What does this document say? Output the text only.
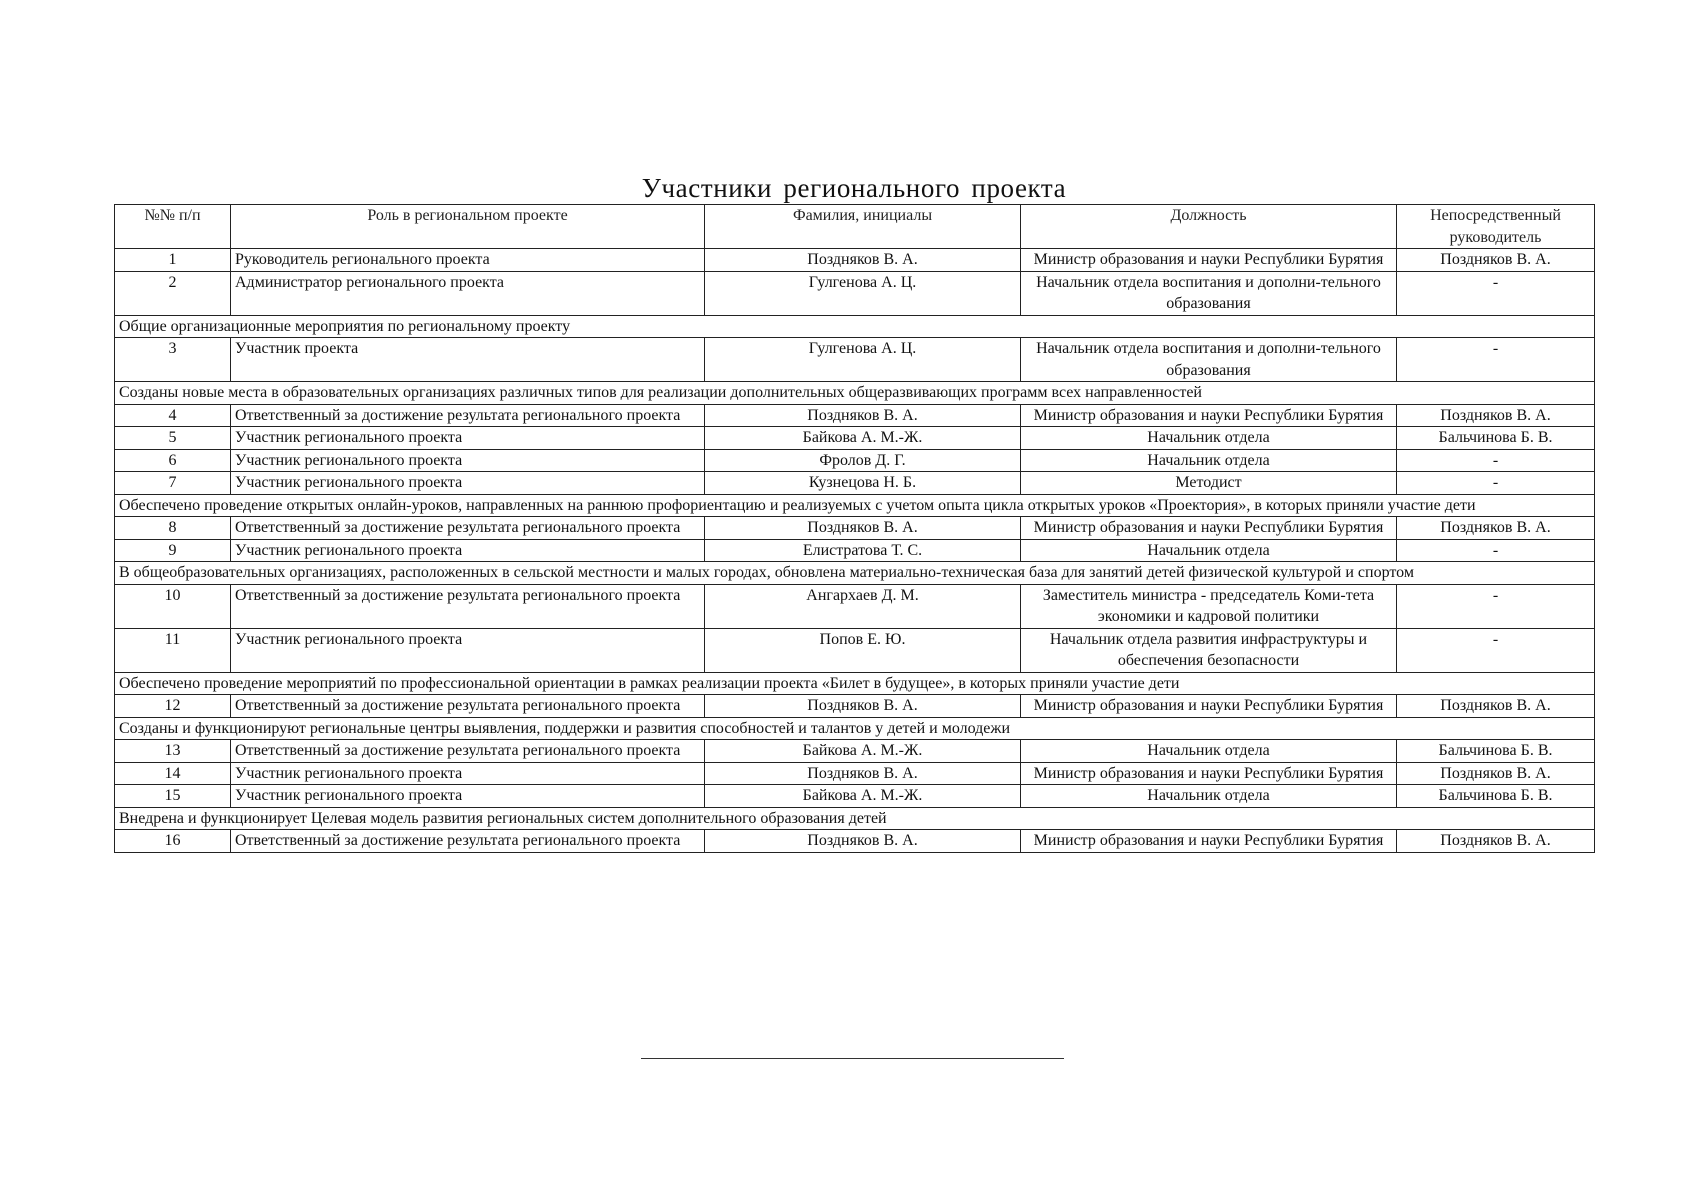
Участники регионального проекта
№№ п/п	Роль в региональном проекте	Фамилия, инициалы	Должность	Непосредственный руководитель
1	Руководитель регионального проекта	Поздняков В. А.	Министр образования и науки Республики Бурятия	Поздняков В. А.
2	Администратор регионального проекта	Гулгенова А. Ц.	Начальник отдела воспитания и дополни-тельного образования	-
Общие организационные мероприятия по региональному проекту				
3	Участник проекта	Гулгенова А. Ц.	Начальник отдела воспитания и дополни-тельного образования	-
Созданы новые места в образовательных организациях различных типов для реализации дополнительных общеразвивающих программ всех направленностей				
4	Ответственный за достижение результата регионального проекта	Поздняков В. А.	Министр образования и науки Республики Бурятия	Поздняков В. А.
5	Участник регионального проекта	Байкова А. М.-Ж.	Начальник отдела	Бальчинова Б. В.
6	Участник регионального проекта	Фролов Д. Г.	Начальник отдела	-
7	Участник регионального проекта	Кузнецова Н. Б.	Методист	-
Обеспечено проведение открытых онлайн-уроков, направленных на раннюю профориентацию и реализуемых с учетом опыта цикла открытых уроков «Проектория», в которых приняли участие дети				
8	Ответственный за достижение результата регионального проекта	Поздняков В. А.	Министр образования и науки Республики Бурятия	Поздняков В. А.
9	Участник регионального проекта	Елистратова Т. С.	Начальник отдела	-
В общеобразовательных организациях, расположенных в сельской местности и малых городах, обновлена материально-техническая база для занятий детей физической культурой и спортом				
10	Ответственный за достижение результата регионального проекта	Ангархаев Д. М.	Заместитель министра - председатель Коми-тета экономики и кадровой политики	-
11	Участник регионального проекта	Попов Е. Ю.	Начальник отдела развития инфраструктуры и обеспечения безопасности	-
Обеспечено проведение мероприятий по профессиональной ориентации в рамках реализации проекта «Билет в будущее», в которых приняли участие дети				
12	Ответственный за достижение результата регионального проекта	Поздняков В. А.	Министр образования и науки Республики Бурятия	Поздняков В. А.
Созданы и функционируют региональные центры выявления, поддержки и развития способностей и талантов у детей и молодежи				
13	Ответственный за достижение результата регионального проекта	Байкова А. М.-Ж.	Начальник отдела	Бальчинова Б. В.
14	Участник регионального проекта	Поздняков В. А.	Министр образования и науки Республики Бурятия	Поздняков В. А.
15	Участник регионального проекта	Байкова А. М.-Ж.	Начальник отдела	Бальчинова Б. В.
Внедрена и функционирует Целевая модель развития региональных систем дополнительного образования детей				
16	Ответственный за достижение результата регионального проекта	Поздняков В. А.	Министр образования и науки Республики Бурятия	Поздняков В. А.
